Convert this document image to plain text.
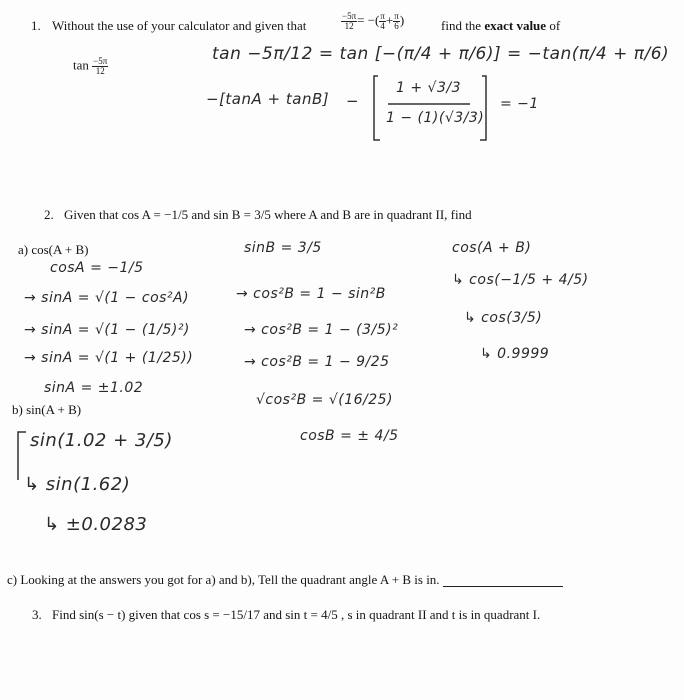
1. Without the use of your calculator and given that	$\frac{-5\pi}{12}$ = −( $\frac{\pi}{4} + \frac{\pi}{6}$ )	find the exact value of
$\tan \frac{-5\pi}{12}$
tan −5π/12 = tan [−(π/4 + π/6)] = −tan(π/4 + π/6)
−[tanA + tanB] −
1 + √3/3
1 − (1)(√3/3)
= −1
2. Given that cos A = −1/5 and sin B = 3/5 where A and B are in quadrant II, find
a) cos(A + B)
b) sin(A + B)
cosA = −1/5
→ sinA = √(1 − cos²A)
→ sinA = √(1 − (1/5)²)
→ sinA = √(1 + (1/25))
sinA = ±1.02
sinB = 3/5
→ cos²B = 1 − sin²B
→ cos²B = 1 − (3/5)²
→ cos²B = 1 − 9/25
√cos²B = √(16/25)
cosB = ± 4/5
cos(A + B)
↳ cos(−1/5 + 4/5)
↳ cos(3/5)
↳ 0.9999
sin(1.02 + 3/5)
↳ sin(1.62)
↳ ±0.0283
c) Looking at the answers you got for a) and b), Tell the quadrant angle A + B is in.
3. Find sin(s − t) given that cos s = −15/17 and sin t = 4/5 , s in quadrant II and t is in quadrant I.
